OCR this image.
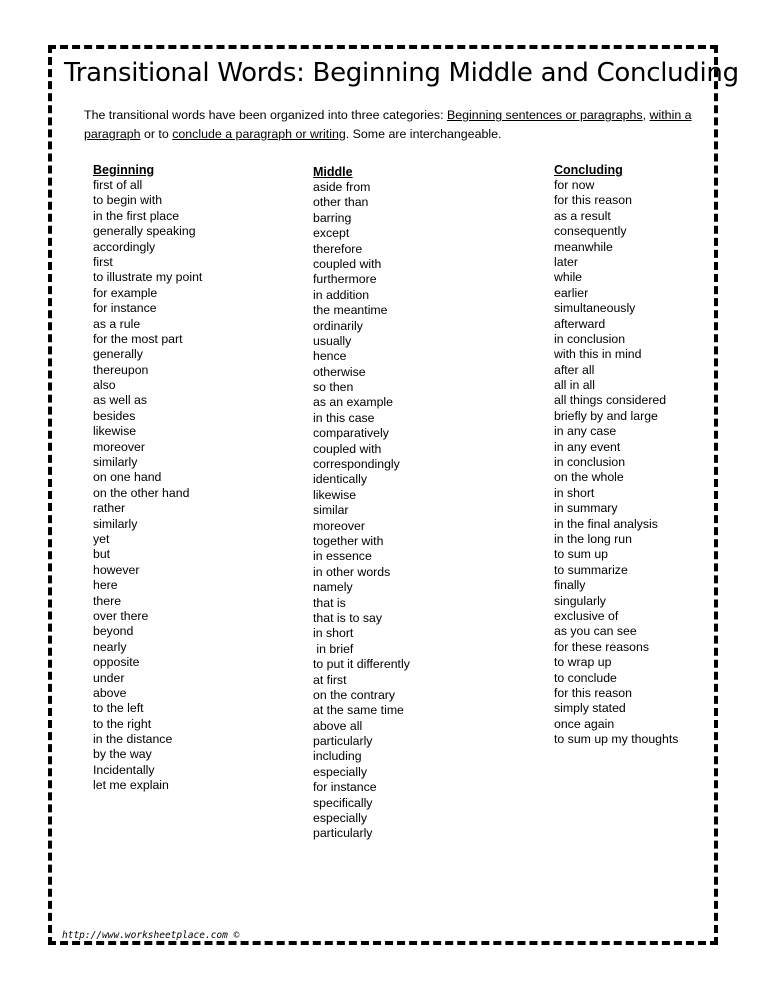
Transitional Words: Beginning Middle and Concluding
The transitional words have been organized into three categories: Beginning sentences or paragraphs, within a paragraph or to conclude a paragraph or writing. Some are interchangeable.
Beginning
first of all
to begin with
in the first place
generally speaking
accordingly
first
to illustrate my point
for example
for instance
as a rule
for the most part
generally
thereupon
also
as well as
besides
likewise
moreover
similarly
on one hand
on the other hand
rather
similarly
yet
but
however
here
there
over there
beyond
nearly
opposite
under
above
to the left
to the right
in the distance
by the way
Incidentally
let me explain
Middle
aside from
other than
barring
except
therefore
coupled with
furthermore
in addition
the meantime
ordinarily
usually
hence
otherwise
so then
as an example
in this case
comparatively
coupled with
correspondingly
identically
likewise
similar
moreover
together with
in essence
in other words
namely
that is
that is to say
in short
in brief
to put it differently
at first
on the contrary
at the same time
above all
particularly
including
especially
for instance
specifically
especially
particularly
Concluding
for now
for this reason
as a result
consequently
meanwhile
later
while
earlier
simultaneously
afterward
in conclusion
with this in mind
after all
all in all
all things considered
briefly by and large
in any case
in any event
in conclusion
on the whole
in short
in summary
in the final analysis
in the long run
to sum up
to summarize
finally
singularly
exclusive of
as you can see
for these reasons
to wrap up
to conclude
for this reason
simply stated
once again
to sum up my thoughts
http://www.worksheetplace.com ©
